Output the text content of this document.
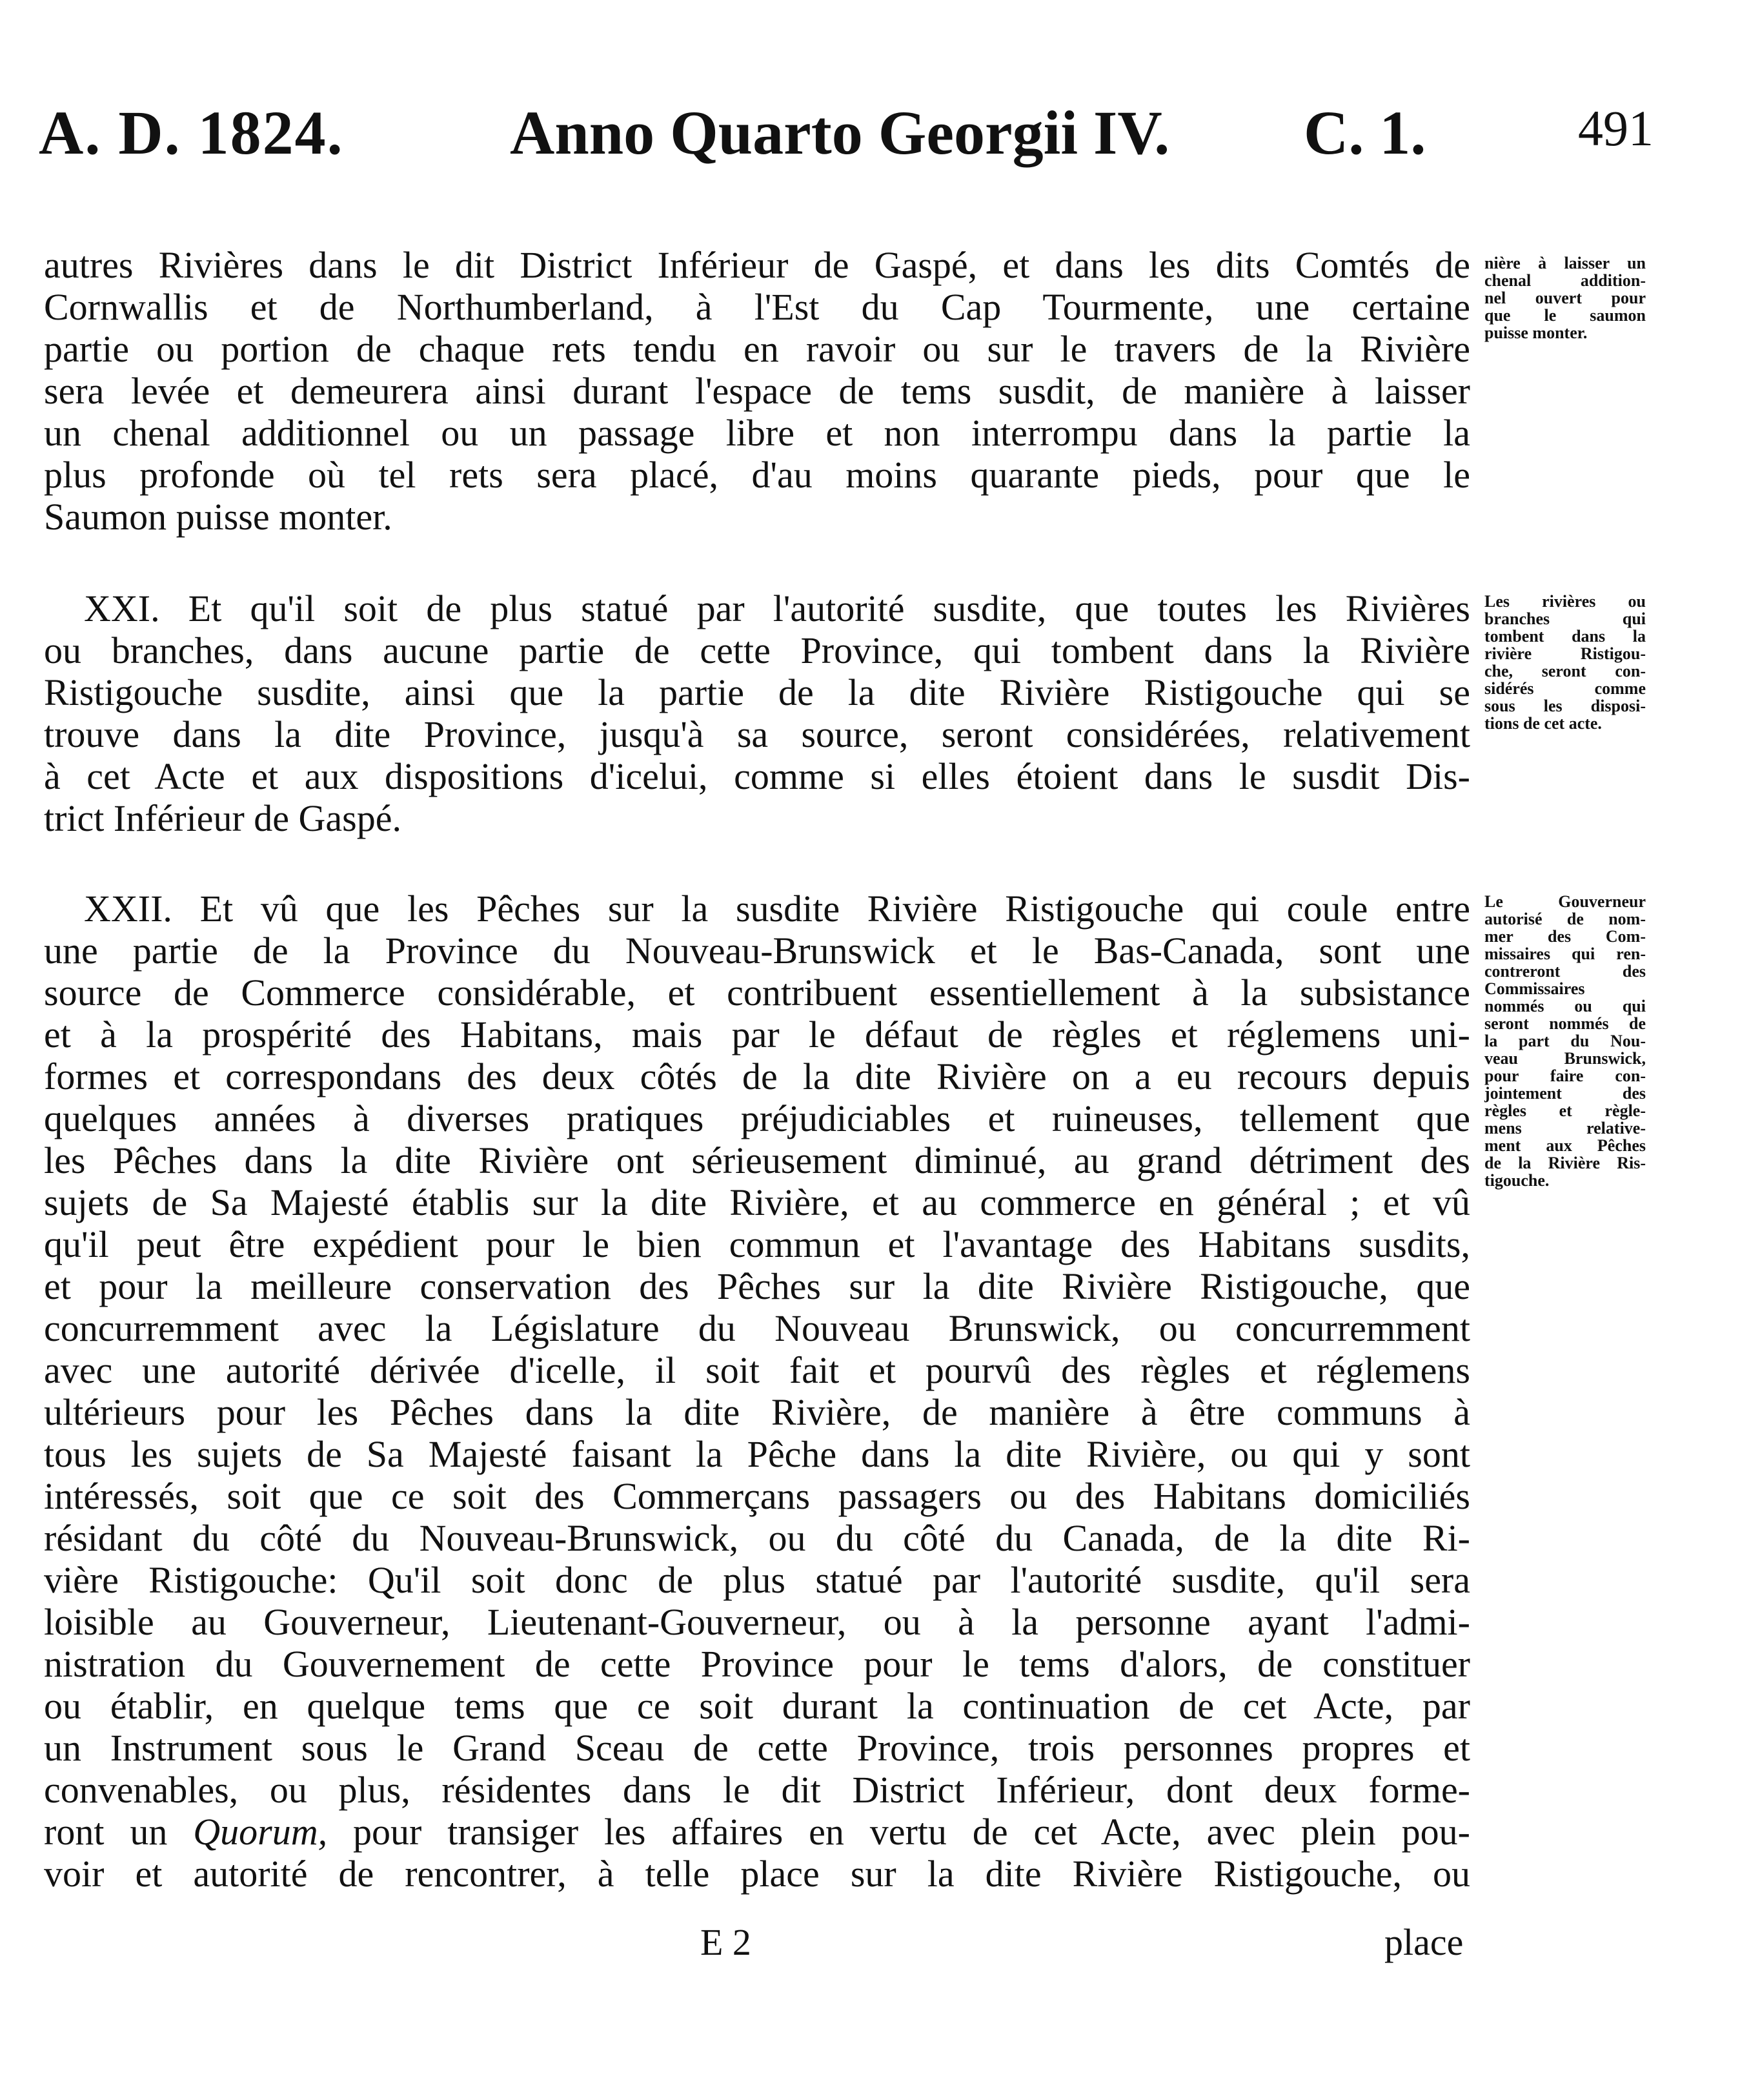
A. D. 1824.	Anno Quarto Georgii IV. C. 1.	491
autres Rivières dans le dit District Inférieur de Gaspé, et dans les dits Comtés de
Cornwallis et de Northumberland, à l'Est du Cap Tourmente, une certaine
partie ou portion de chaque rets tendu en ravoir ou sur le travers de la Rivière
sera levée et demeurera ainsi durant l'espace de tems susdit, de manière à laisser
un chenal additionnel ou un passage libre et non interrompu dans la partie la
plus profonde où tel rets sera placé, d'au moins quarante pieds, pour que le
Saumon puisse monter.
nière à laisser un
chenal addition-
nel ouvert pour
que le saumon
puisse monter.
XXI. Et qu'il soit de plus statué par l'autorité susdite, que toutes les Rivières
ou branches, dans aucune partie de cette Province, qui tombent dans la Rivière
Ristigouche susdite, ainsi que la partie de la dite Rivière Ristigouche qui se
trouve dans la dite Province, jusqu'à sa source, seront considérées, relativement
à cet Acte et aux dispositions d'icelui, comme si elles étoient dans le susdit Dis-
trict Inférieur de Gaspé.
Les rivières ou
branches qui
tombent dans la
rivière Ristigou-
che, seront con-
sidérés comme
sous les disposi-
tions de cet acte.
XXII. Et vû que les Pêches sur la susdite Rivière Ristigouche qui coule entre
une partie de la Province du Nouveau-Brunswick et le Bas-Canada, sont une
source de Commerce considérable, et contribuent essentiellement à la subsistance
et à la prospérité des Habitans, mais par le défaut de règles et réglemens uni-
formes et correspondans des deux côtés de la dite Rivière on a eu recours depuis
quelques années à diverses pratiques préjudiciables et ruineuses, tellement que
les Pêches dans la dite Rivière ont sérieusement diminué, au grand détriment des
sujets de Sa Majesté établis sur la dite Rivière, et au commerce en général ; et vû
qu'il peut être expédient pour le bien commun et l'avantage des Habitans susdits,
et pour la meilleure conservation des Pêches sur la dite Rivière Ristigouche, que
concurremment avec la Législature du Nouveau Brunswick, ou concurremment
avec une autorité dérivée d'icelle, il soit fait et pourvû des règles et réglemens
ultérieurs pour les Pêches dans la dite Rivière, de manière à être communs à
tous les sujets de Sa Majesté faisant la Pêche dans la dite Rivière, ou qui y sont
intéressés, soit que ce soit des Commerçans passagers ou des Habitans domiciliés
résidant du côté du Nouveau-Brunswick, ou du côté du Canada, de la dite Ri-
vière Ristigouche: Qu'il soit donc de plus statué par l'autorité susdite, qu'il sera
loisible au Gouverneur, Lieutenant-Gouverneur, ou à la personne ayant l'admi-
nistration du Gouvernement de cette Province pour le tems d'alors, de constituer
ou établir, en quelque tems que ce soit durant la continuation de cet Acte, par
un Instrument sous le Grand Sceau de cette Province, trois personnes propres et
convenables, ou plus, résidentes dans le dit District Inférieur, dont deux forme-
ront un Quorum, pour transiger les affaires en vertu de cet Acte, avec plein pou-
voir et autorité de rencontrer, à telle place sur la dite Rivière Ristigouche, ou
Le Gouverneur
autorisé de nom-
mer des Com-
missaires qui ren-
contreront des
Commissaires
nommés ou qui
seront nommés de
la part du Nou-
veau Brunswick,
pour faire con-
jointement des
règles et règle-
mens relative-
ment aux Pêches
de la Rivière Ris-
tigouche.
E 2	place
